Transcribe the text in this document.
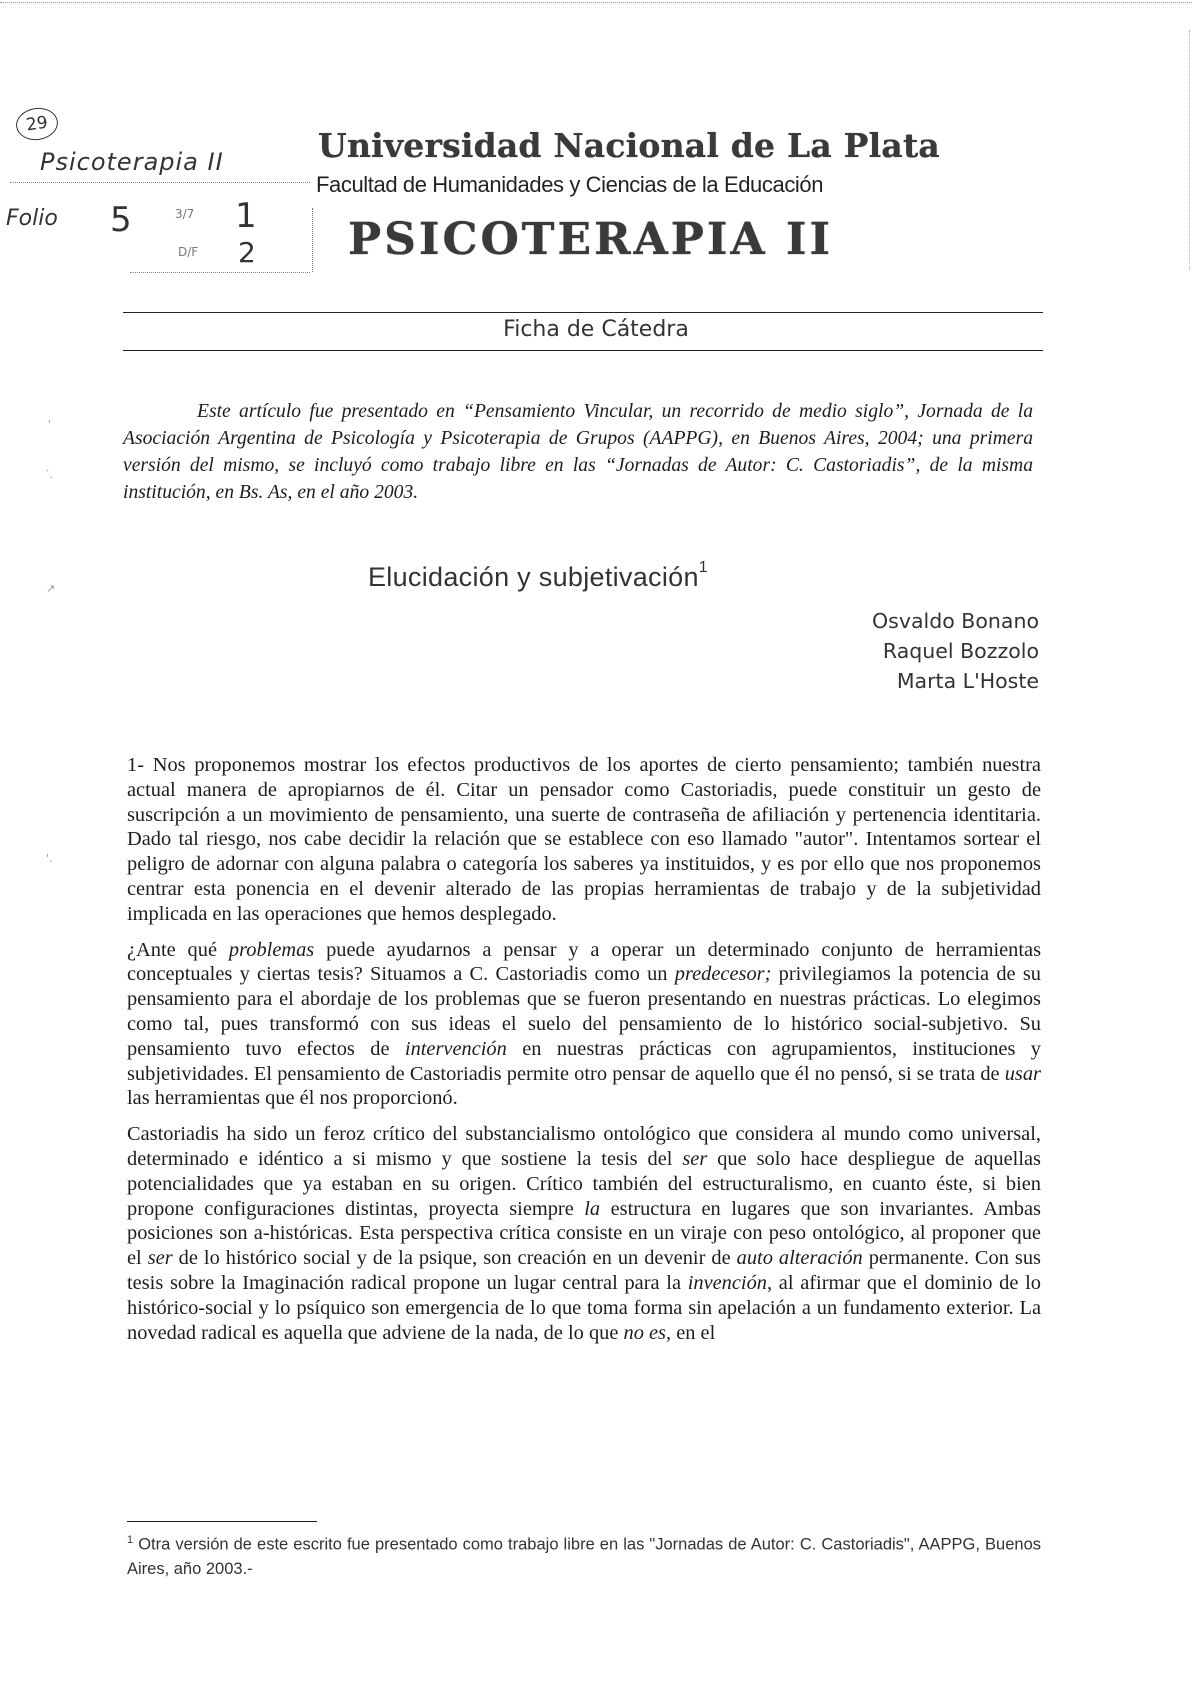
29
Psicoterapia II
Folio 5	3/7
D/F
1
2
'
´.
↗
'.
Universidad Nacional de La Plata
Facultad de Humanidades y Ciencias de la Educación
PSICOTERAPIA II
Ficha de Cátedra
Este artículo fue presentado en “Pensamiento Vincular, un recorrido de medio siglo”, Jornada de la Asociación Argentina de Psicología y Psicoterapia de Grupos (AAPPG), en Buenos Aires, 2004; una primera versión del mismo, se incluyó como trabajo libre en las “Jornadas de Autor: C. Castoriadis”, de la misma institución, en Bs. As, en el año 2003.
Elucidación y subjetivación$^1$
Osvaldo Bonano
Raquel Bozzolo
Marta L'Hoste

1- Nos proponemos mostrar los efectos productivos de los aportes de cierto pensamiento; también nuestra actual manera de apropiarnos de él. Citar un pensador como Castoriadis, puede constituir un gesto de suscripción a un movimiento de pensamiento, una suerte de contraseña de afiliación y pertenencia identitaria. Dado tal riesgo, nos cabe decidir la relación que se establece con eso llamado "autor". Intentamos sortear el peligro de adornar con alguna palabra o categoría los saberes ya instituidos, y es por ello que nos proponemos centrar esta ponencia en el devenir alterado de las propias herramientas de trabajo y de la subjetividad implicada en las operaciones que hemos desplegado.

¿Ante qué problemas puede ayudarnos a pensar y a operar un determinado conjunto de herramientas conceptuales y ciertas tesis? Situamos a C. Castoriadis como un predecesor; privilegiamos la potencia de su pensamiento para el abordaje de los problemas que se fueron presentando en nuestras prácticas. Lo elegimos como tal, pues transformó con sus ideas el suelo del pensamiento de lo histórico social-subjetivo. Su pensamiento tuvo efectos de intervención en nuestras prácticas con agrupamientos, instituciones y subjetividades. El pensamiento de Castoriadis permite otro pensar de aquello que él no pensó, si se trata de usar las herramientas que él nos proporcionó.

Castoriadis ha sido un feroz crítico del substancialismo ontológico que considera al mundo como universal, determinado e idéntico a si mismo y que sostiene la tesis del ser que solo hace despliegue de aquellas potencialidades que ya estaban en su origen. Crítico también del estructuralismo, en cuanto éste, si bien propone configuraciones distintas, proyecta siempre la estructura en lugares que son invariantes. Ambas posiciones son a-históricas. Esta perspectiva crítica consiste en un viraje con peso ontológico, al proponer que el ser de lo histórico social y de la psique, son creación en un devenir de auto alteración permanente. Con sus tesis sobre la Imaginación radical propone un lugar central para la invención, al afirmar que el dominio de lo histórico-social y lo psíquico son emergencia de lo que toma forma sin apelación a un fundamento exterior. La novedad radical es aquella que adviene de la nada, de lo que no es, en el

$^1$ Otra versión de este escrito fue presentado como trabajo libre en las "Jornadas de Autor: C. Castoriadis", AAPPG, Buenos Aires, año 2003.-
